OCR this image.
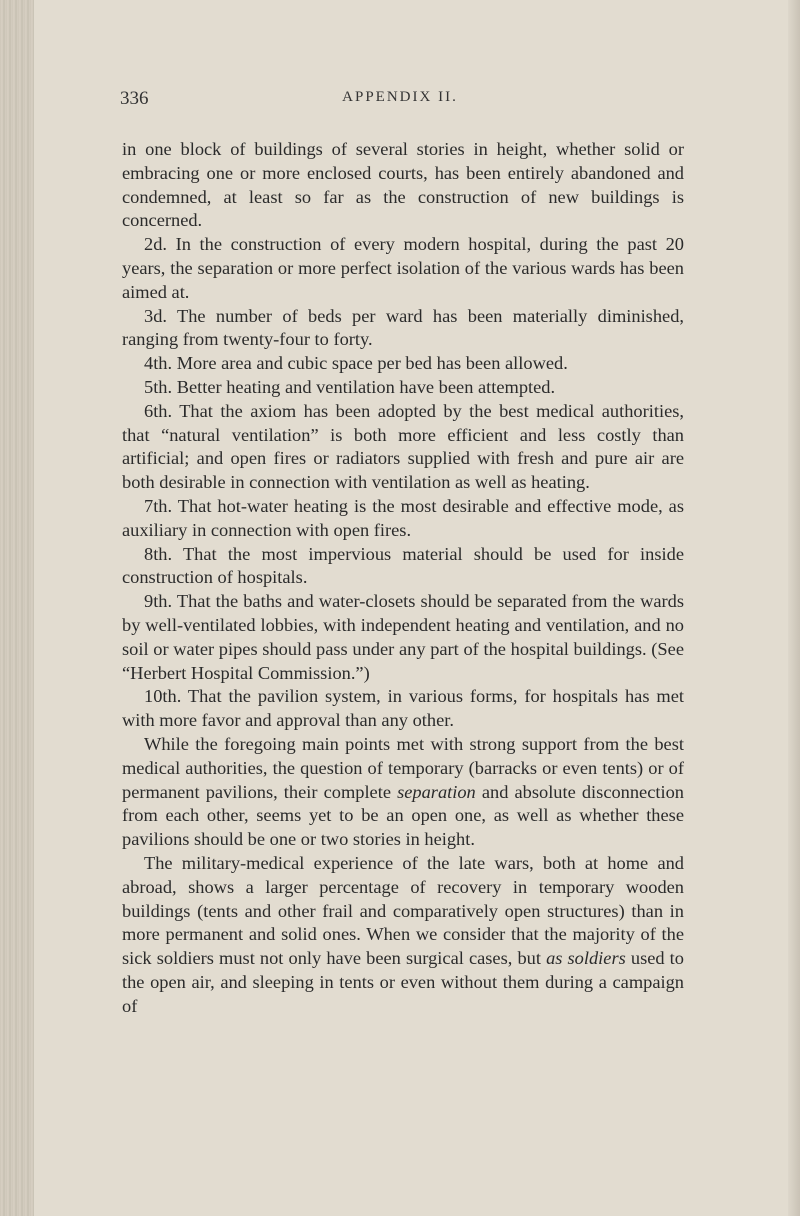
336	APPENDIX II.

in one block of buildings of several stories in height, whether solid or embracing one or more enclosed courts, has been entirely abandoned and condemned, at least so far as the construction of new buildings is concerned.

2d. In the construction of every modern hospital, during the past 20 years, the separation or more perfect isolation of the various wards has been aimed at.

3d. The number of beds per ward has been materially diminished, ranging from twenty-four to forty.

4th. More area and cubic space per bed has been allowed.

5th. Better heating and ventilation have been attempted.

6th. That the axiom has been adopted by the best medical authorities, that “natural ventilation” is both more efficient and less costly than artificial; and open fires or radiators supplied with fresh and pure air are both desirable in connection with ventilation as well as heating.

7th. That hot-water heating is the most desirable and effective mode, as auxiliary in connection with open fires.

8th. That the most impervious material should be used for inside construction of hospitals.

9th. That the baths and water-closets should be separated from the wards by well-ventilated lobbies, with independent heating and ventilation, and no soil or water pipes should pass under any part of the hospital buildings. (See “Herbert Hospital Commission.”)

10th. That the pavilion system, in various forms, for hospitals has met with more favor and approval than any other.

While the foregoing main points met with strong support from the best medical authorities, the question of temporary (barracks or even tents) or of permanent pavilions, their complete separation and absolute disconnection from each other, seems yet to be an open one, as well as whether these pavilions should be one or two stories in height.

The military-medical experience of the late wars, both at home and abroad, shows a larger percentage of recovery in temporary wooden buildings (tents and other frail and comparatively open structures) than in more permanent and solid ones. When we consider that the majority of the sick soldiers must not only have been surgical cases, but as soldiers used to the open air, and sleeping in tents or even without them during a campaign of
